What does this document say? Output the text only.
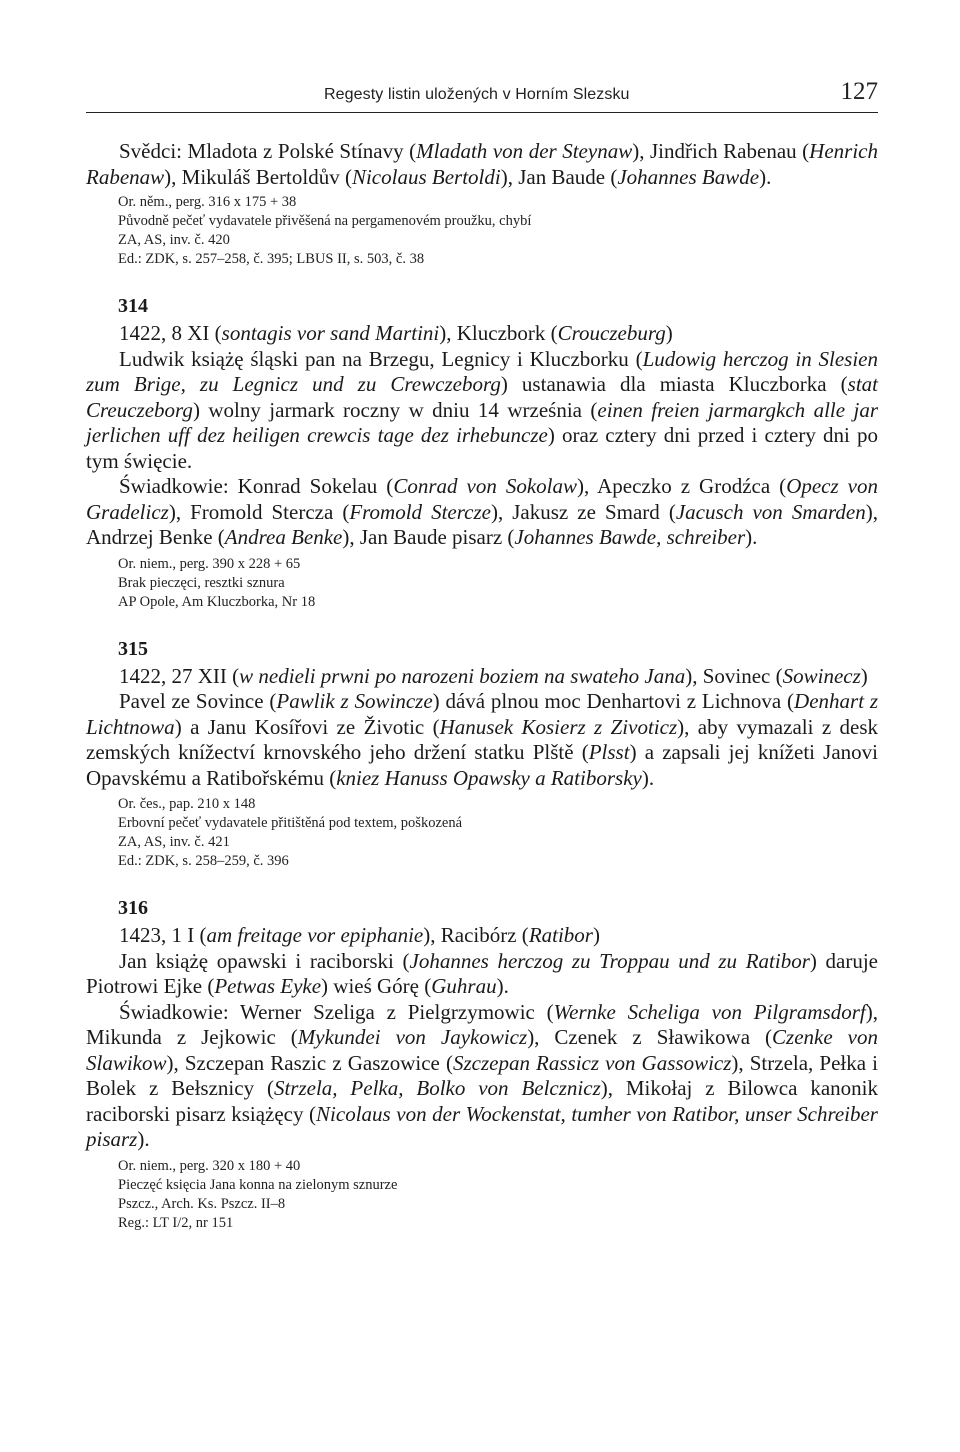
Regesty listin uložených v Horním Slezsku	127

Svědci: Mladota z Polské Stínavy (Mladath von der Steynaw), Jindřich Rabenau (Henrich Rabenaw), Mikuláš Bertoldův (Nicolaus Bertoldi), Jan Baude (Johannes Bawde).

Or. něm., perg. 316 x 175 + 38

Původně pečeť vydavatele přivěšená na pergamenovém proužku, chybí

ZA, AS, inv. č. 420

Ed.: ZDK, s. 257–258, č. 395; LBUS II, s. 503, č. 38

314

1422, 8 XI (sontagis vor sand Martini), Kluczbork (Crouczeburg)

Ludwik książę śląski pan na Brzegu, Legnicy i Kluczborku (Ludowig herczog in Slesien zum Brige, zu Legnicz und zu Crewczeborg) ustanawia dla miasta Kluczborka (stat Creuczeborg) wolny jarmark roczny w dniu 14 września (einen freien jarmargkch alle jar jerlichen uff dez heiligen crewcis tage dez irhebuncze) oraz cztery dni przed i cztery dni po tym święcie.

Świadkowie: Konrad Sokelau (Conrad von Sokolaw), Apeczko z Grodźca (Opecz von Gradelicz), Fromold Stercza (Fromold Stercze), Jakusz ze Smard (Jacusch von Smarden), Andrzej Benke (Andrea Benke), Jan Baude pisarz (Johannes Bawde, schreiber).

Or. niem., perg. 390 x 228 + 65

Brak pieczęci, resztki sznura

AP Opole, Am Kluczborka, Nr 18

315

1422, 27 XII (w nedieli prwni po narozeni boziem na swateho Jana), Sovinec (Sowinecz)

Pavel ze Sovince (Pawlik z Sowincze) dává plnou moc Denhartovi z Lichnova (Denhart z Lichtnowa) a Janu Kosířovi ze Životic (Hanusek Kosierz z Zivoticz), aby vymazali z desk zemských knížectví krnovského jeho držení statku Plště (Plsst) a zapsali jej knížeti Janovi Opavskému a Ratibořskému (kniez Hanuss Opawsky a Ratiborsky).

Or. čes., pap. 210 x 148

Erbovní pečeť vydavatele přitištěná pod textem, poškozená

ZA, AS, inv. č. 421

Ed.: ZDK, s. 258–259, č. 396

316

1423, 1 I (am freitage vor epiphanie), Racibórz (Ratibor)

Jan książę opawski i raciborski (Johannes herczog zu Troppau und zu Ratibor) daruje Piotrowi Ejke (Petwas Eyke) wieś Górę (Guhrau).

Świadkowie: Werner Szeliga z Pielgrzymowic (Wernke Scheliga von Pilgramsdorf), Mikunda z Jejkowic (Mykundei von Jaykowicz), Czenek z Sławikowa (Czenke von Slawikow), Szczepan Raszic z Gaszowice (Szczepan Rassicz von Gassowicz), Strzela, Pełka i Bolek z Bełsznicy (Strzela, Pelka, Bolko von Belcznicz), Mikołaj z Bilowca kanonik raciborski pisarz książęcy (Nicolaus von der Wockenstat, tumher von Ratibor, unser Schreiber pisarz).

Or. niem., perg. 320 x 180 + 40

Pieczęć księcia Jana konna na zielonym sznurze

Pszcz., Arch. Ks. Pszcz. II–8

Reg.: LT I/2, nr 151
